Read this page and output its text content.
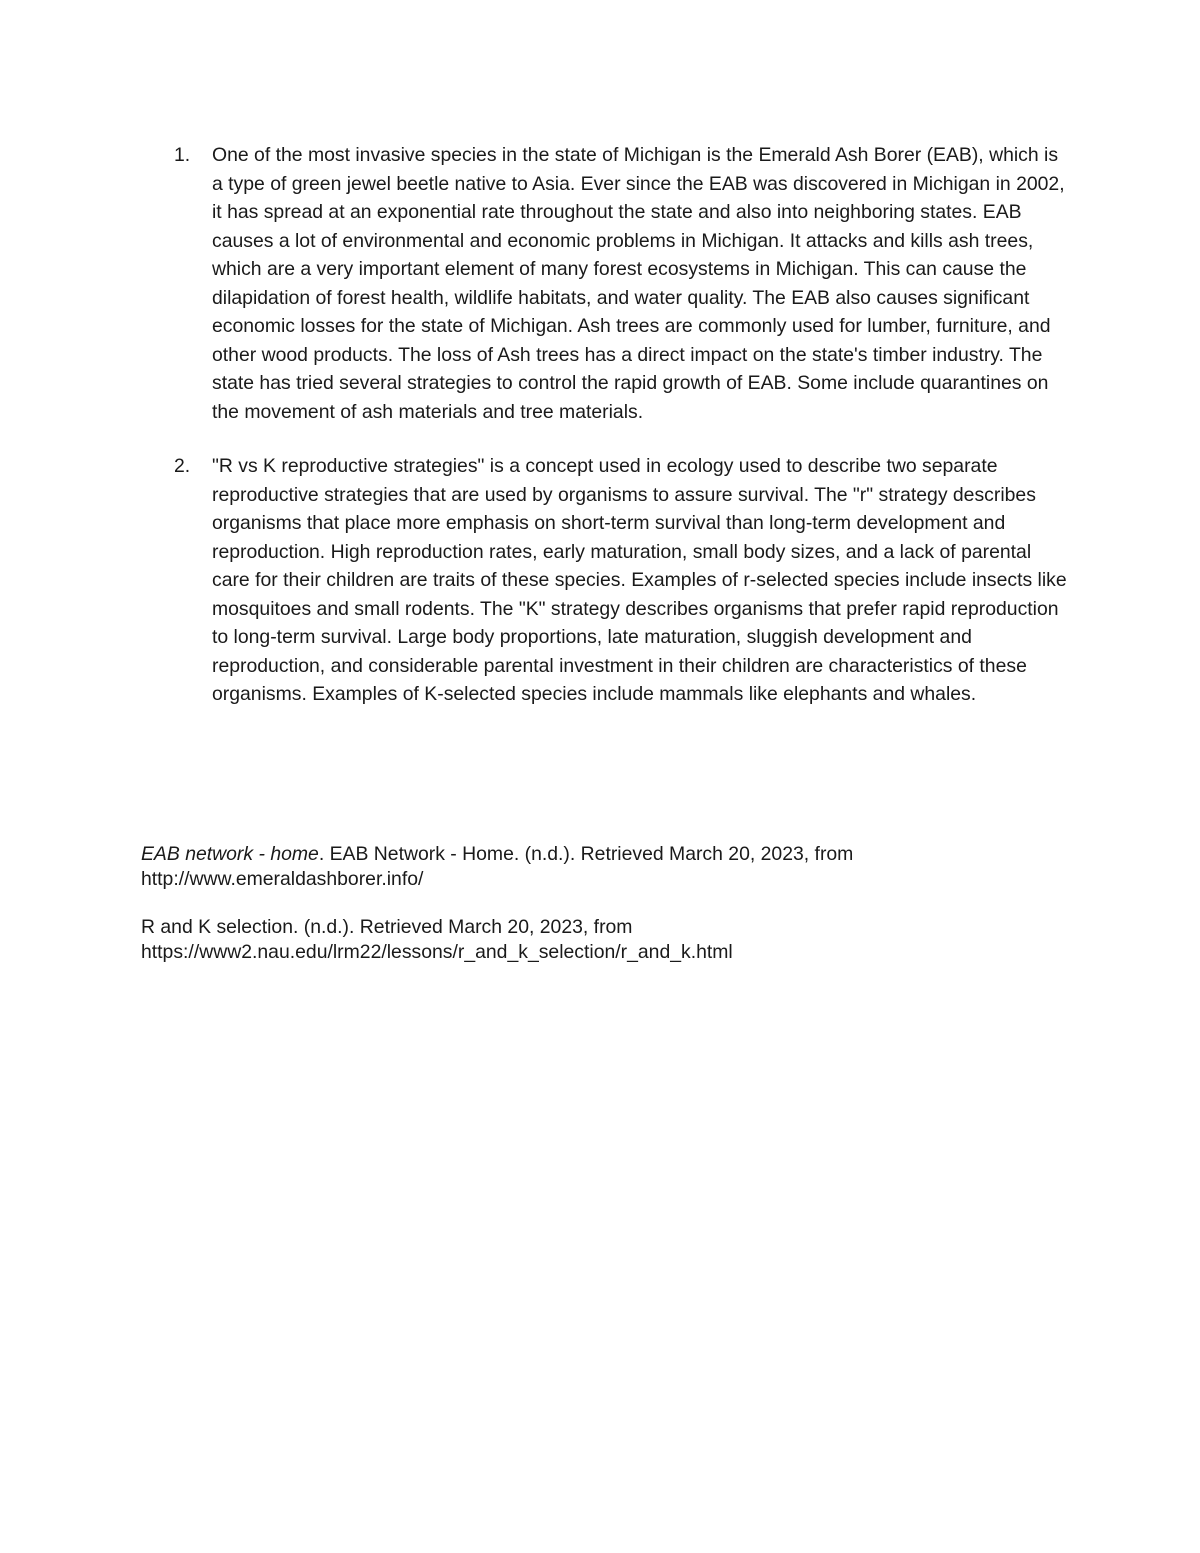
1. One of the most invasive species in the state of Michigan is the Emerald Ash Borer (EAB), which is a type of green jewel beetle native to Asia. Ever since the EAB was discovered in Michigan in 2002, it has spread at an exponential rate throughout the state and also into neighboring states. EAB causes a lot of environmental and economic problems in Michigan. It attacks and kills ash trees, which are a very important element of many forest ecosystems in Michigan. This can cause the dilapidation of forest health, wildlife habitats, and water quality. The EAB also causes significant economic losses for the state of Michigan. Ash trees are commonly used for lumber, furniture, and other wood products. The loss of Ash trees has a direct impact on the state's timber industry. The state has tried several strategies to control the rapid growth of EAB. Some include quarantines on the movement of ash materials and tree materials.
2. "R vs K reproductive strategies" is a concept used in ecology used to describe two separate reproductive strategies that are used by organisms to assure survival. The "r" strategy describes organisms that place more emphasis on short-term survival than long-term development and reproduction. High reproduction rates, early maturation, small body sizes, and a lack of parental care for their children are traits of these species. Examples of r-selected species include insects like mosquitoes and small rodents. The "K" strategy describes organisms that prefer rapid reproduction to long-term survival. Large body proportions, late maturation, sluggish development and reproduction, and considerable parental investment in their children are characteristics of these organisms. Examples of K-selected species include mammals like elephants and whales.

EAB network - home. EAB Network - Home. (n.d.). Retrieved March 20, 2023, from
http://www.emeraldashborer.info/

R and K selection. (n.d.). Retrieved March 20, 2023, from
https://www2.nau.edu/lrm22/lessons/r_and_k_selection/r_and_k.html
